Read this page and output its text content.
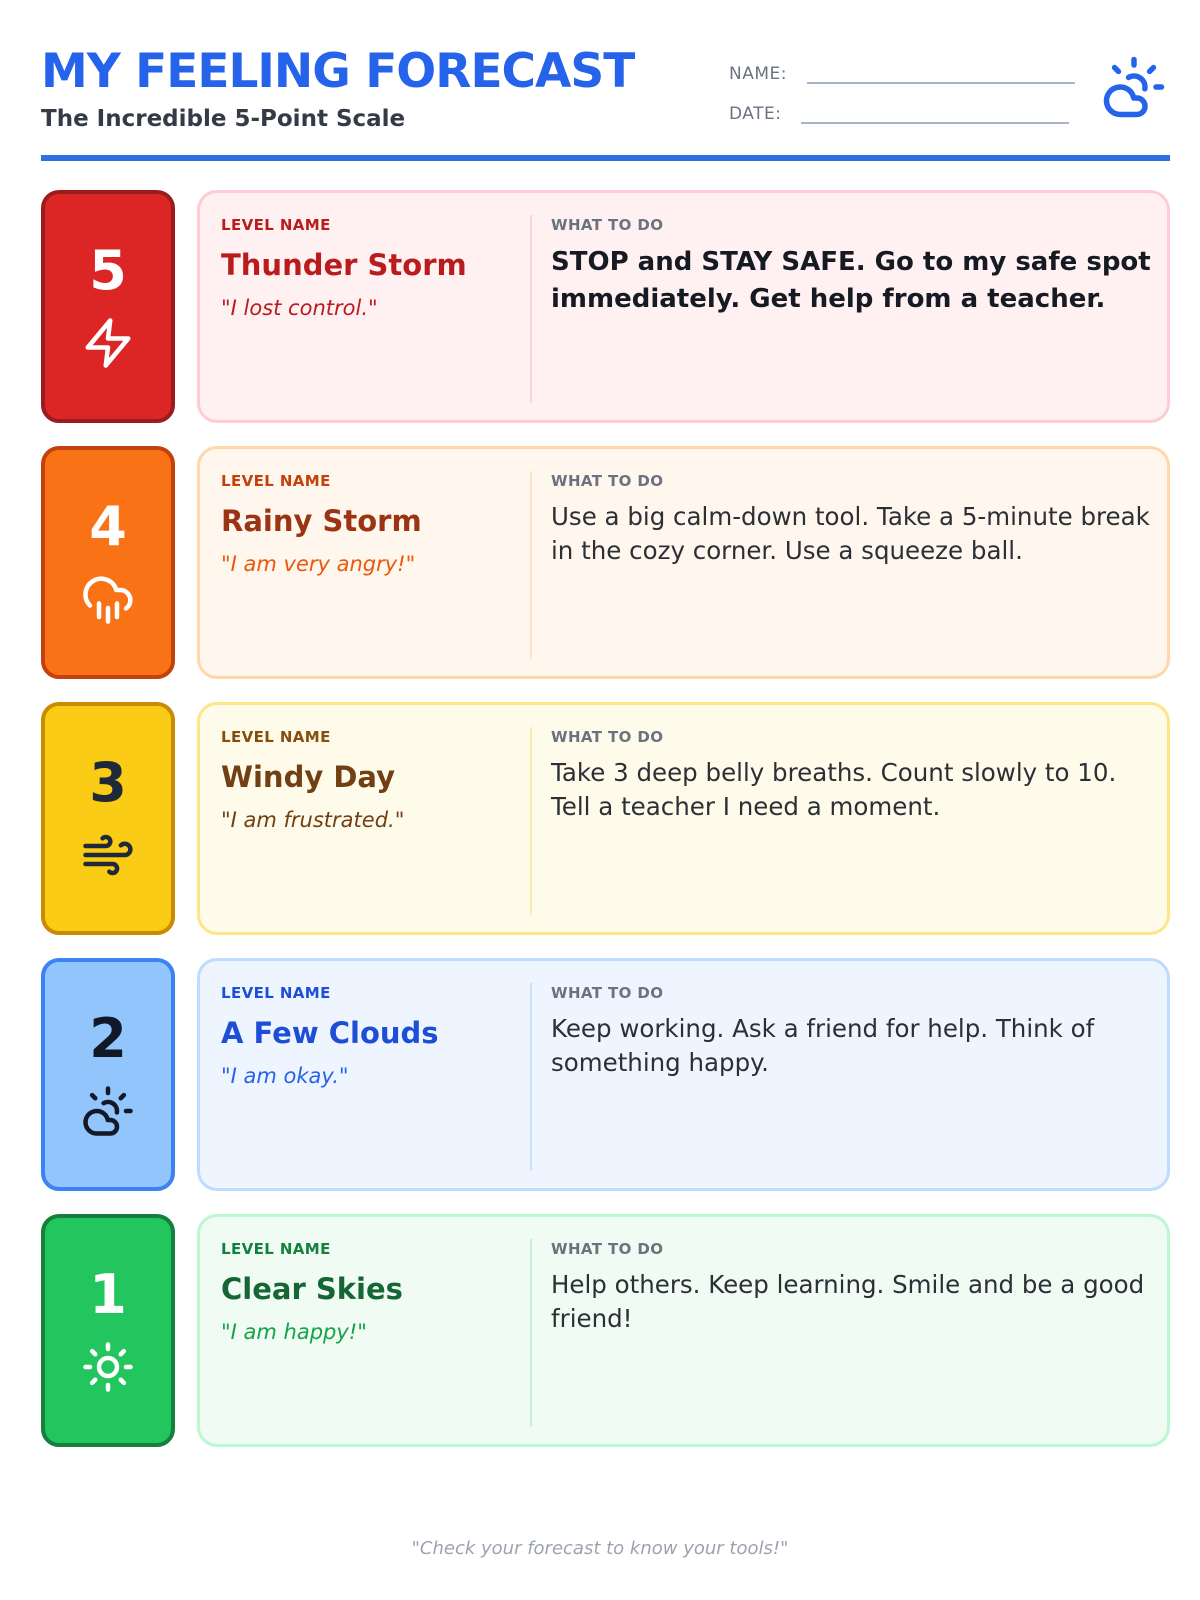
MY FEELING FORECAST
The Incredible 5-Point Scale
NAME:
DATE:
5
LEVEL NAME
Thunder Storm
"I lost control."
WHAT TO DO
STOP and STAY SAFE. Go to my safe spot immediately. Get help from a teacher.
4
LEVEL NAME
Rainy Storm
"I am very angry!"
WHAT TO DO
Use a big calm-down tool. Take a 5-minute break in the cozy corner. Use a squeeze ball.
3
LEVEL NAME
Windy Day
"I am frustrated."
WHAT TO DO
Take 3 deep belly breaths. Count slowly to 10. Tell a teacher I need a moment.
2
LEVEL NAME
A Few Clouds
"I am okay."
WHAT TO DO
Keep working. Ask a friend for help. Think of something happy.
1
LEVEL NAME
Clear Skies
"I am happy!"
WHAT TO DO
Help others. Keep learning. Smile and be a good friend!
"Check your forecast to know your tools!"
